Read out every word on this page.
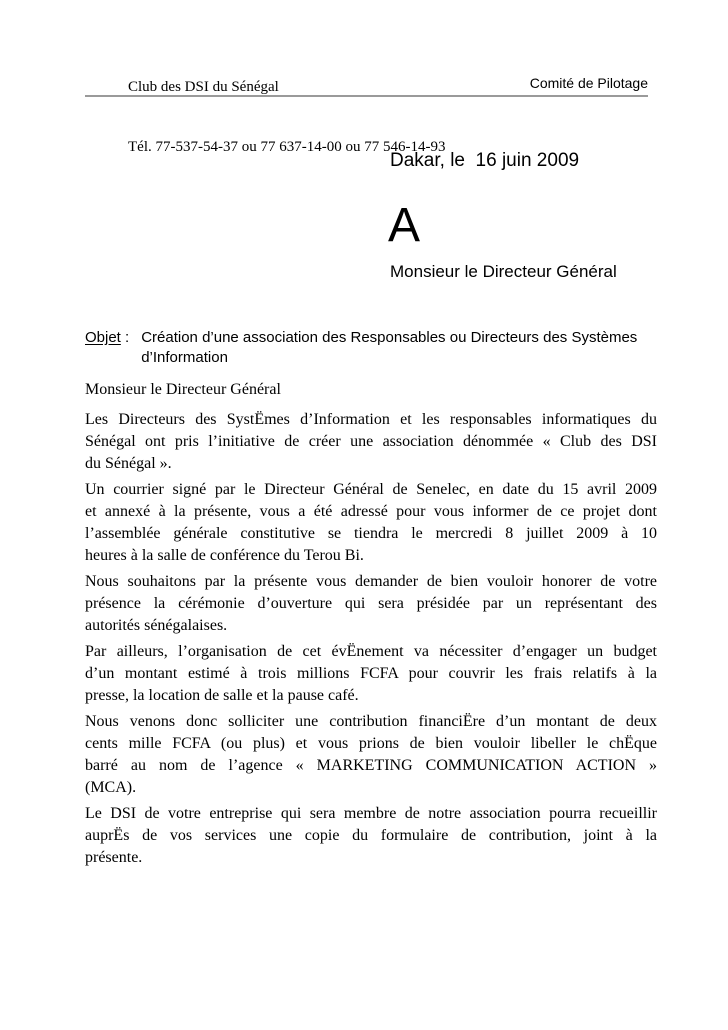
Club des DSI du Sénégal

Tél. 77-537-54-37 ou 77 637-14-00 ou 77 546-14-93

Comité de Pilotage
Dakar, le  16 juin 2009
A
Monsieur le Directeur Général
Objet : Création d’une association des Responsables ou Directeurs des Systèmes d’Information
Monsieur le Directeur Général
Les Directeurs des SystËmes d’Information et les responsables informatiques du
Sénégal ont pris l’initiative de créer une association dénommée « Club des DSI
du Sénégal ».
Un courrier signé par le Directeur Général de Senelec, en date du 15 avril 2009
et annexé à la présente, vous a été adressé pour vous informer de ce projet dont
l’assemblée générale constitutive se tiendra le mercredi 8 juillet 2009 à 10
heures à la salle de conférence du Terou Bi.
Nous souhaitons par la présente vous demander de bien vouloir honorer de votre
présence la cérémonie d’ouverture qui sera présidée par un représentant des
autorités sénégalaises.
Par ailleurs, l’organisation de cet évËnement va nécessiter d’engager un budget
d’un montant estimé à trois millions FCFA pour couvrir les frais relatifs à la
presse, la location de salle et la pause café.
Nous venons donc solliciter une contribution financiËre d’un montant de deux
cents mille FCFA (ou plus) et vous prions de bien vouloir libeller le chËque
barré au nom de l’agence « MARKETING COMMUNICATION ACTION »
(MCA).
Le DSI de votre entreprise qui sera membre de notre association pourra recueillir
auprËs de vos services une copie du formulaire de contribution, joint à la
présente.
